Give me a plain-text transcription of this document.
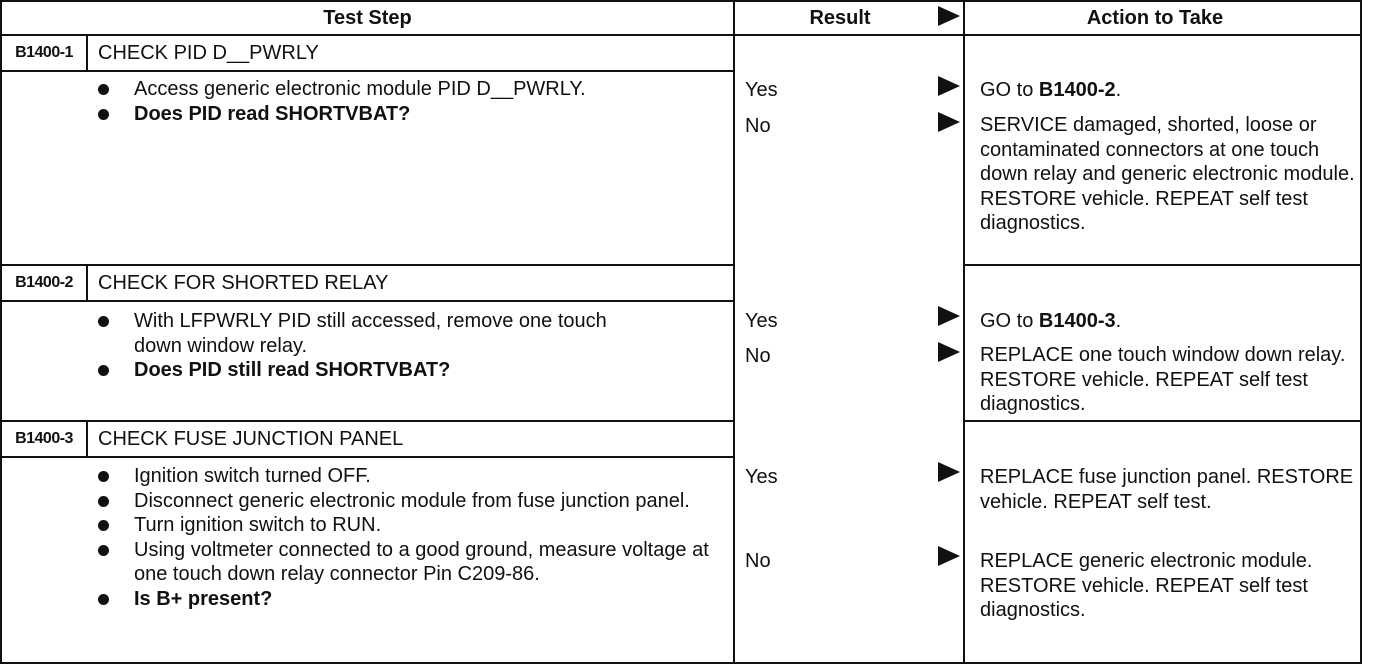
Test Step	Result	Action to Take
B1400-1	CHECK PID D__PWRLY
Access generic electronic module PID D__PWRLY.
Does PID read SHORTVBAT?
Yes	GO to B1400-2.
No	SERVICE damaged, shorted, loose or contaminated connectors at one touch down relay and generic electronic module. RESTORE vehicle. REPEAT self test diagnostics.
B1400-2	CHECK FOR SHORTED RELAY
With LFPWRLY PID still accessed, remove one touch down window relay.
Does PID still read SHORTVBAT?
Yes	GO to B1400-3.
No	REPLACE one touch window down relay. RESTORE vehicle. REPEAT self test diagnostics.
B1400-3	CHECK FUSE JUNCTION PANEL
Ignition switch turned OFF.
Disconnect generic electronic module from fuse junction panel.
Turn ignition switch to RUN.
Using voltmeter connected to a good ground, measure voltage at one touch down relay connector Pin C209-86.
Is B+ present?
Yes	REPLACE fuse junction panel. RESTORE vehicle. REPEAT self test.
No	REPLACE generic electronic module. RESTORE vehicle. REPEAT self test diagnostics.
